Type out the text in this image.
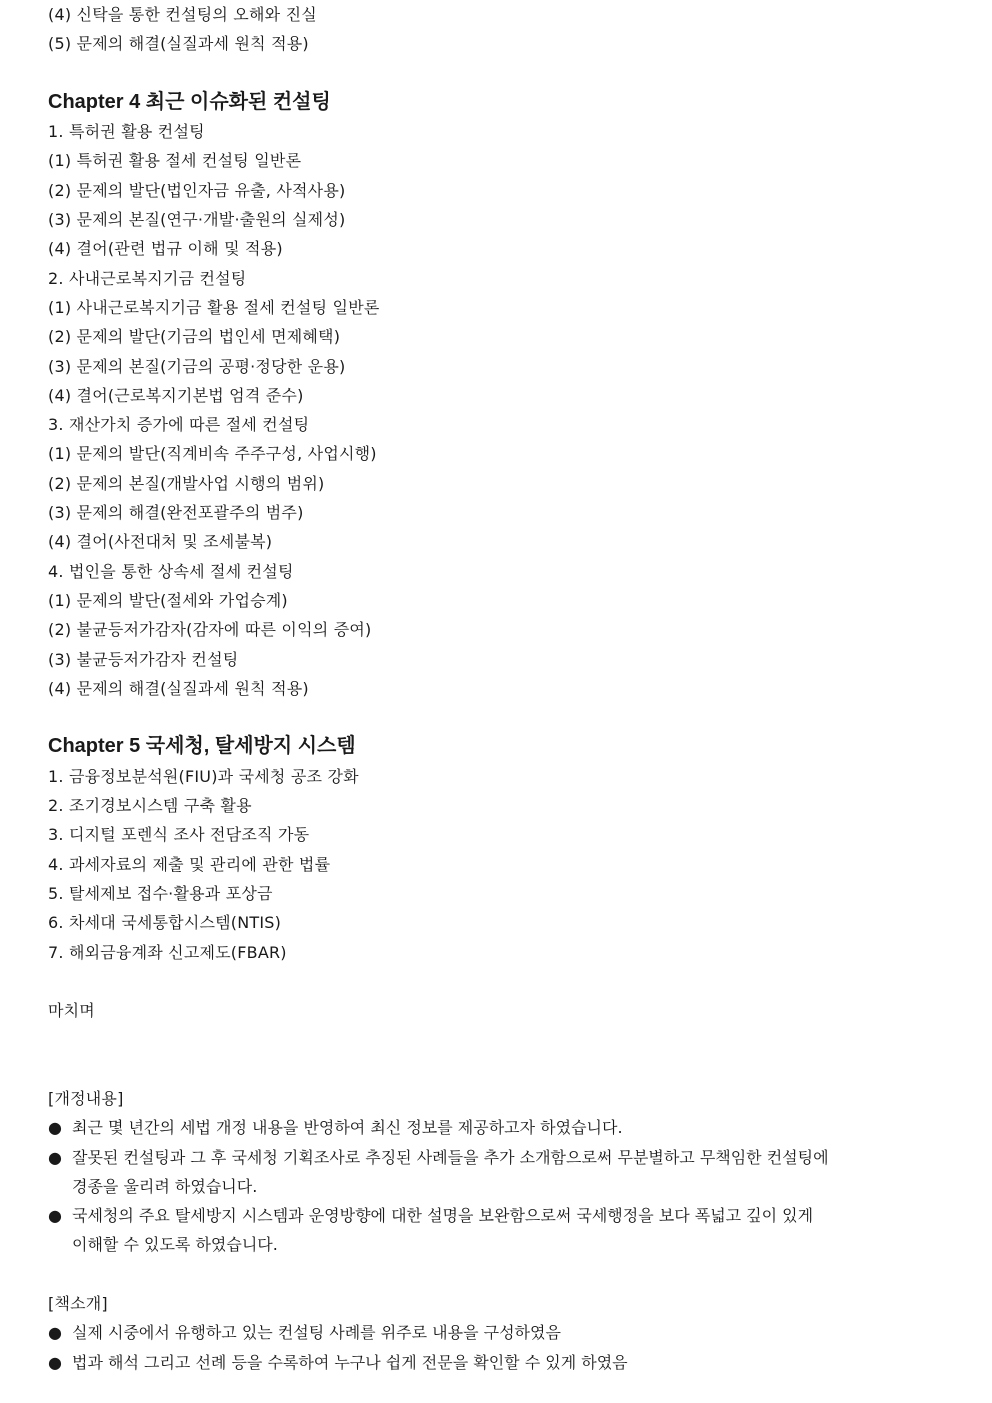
(4) 신탁을 통한 컨설팅의 오해와 진실
(5) 문제의 해결(실질과세 원칙 적용)
Chapter 4 최근 이슈화된 컨설팅
1. 특허권 활용 컨설팅
(1) 특허권 활용 절세 컨설팅 일반론
(2) 문제의 발단(법인자금 유출, 사적사용)
(3) 문제의 본질(연구·개발·출원의 실제성)
(4) 결어(관련 법규 이해 및 적용)
2. 사내근로복지기금 컨설팅
(1) 사내근로복지기금 활용 절세 컨설팅 일반론
(2) 문제의 발단(기금의 법인세 면제혜택)
(3) 문제의 본질(기금의 공평·정당한 운용)
(4) 결어(근로복지기본법 엄격 준수)
3. 재산가치 증가에 따른 절세 컨설팅
(1) 문제의 발단(직계비속 주주구성, 사업시행)
(2) 문제의 본질(개발사업 시행의 범위)
(3) 문제의 해결(완전포괄주의 범주)
(4) 결어(사전대처 및 조세불복)
4. 법인을 통한 상속세 절세 컨설팅
(1) 문제의 발단(절세와 가업승계)
(2) 불균등저가감자(감자에 따른 이익의 증여)
(3) 불균등저가감자 컨설팅
(4) 문제의 해결(실질과세 원칙 적용)
Chapter 5 국세청, 탈세방지 시스템
1. 금융정보분석원(FIU)과 국세청 공조 강화
2. 조기경보시스템 구축 활용
3. 디지털 포렌식 조사 전담조직 가동
4. 과세자료의 제출 및 관리에 관한 법률
5. 탈세제보 접수·활용과 포상금
6. 차세대 국세통합시스템(NTIS)
7. 해외금융계좌 신고제도(FBAR)
마치며
[개정내용]
● 최근 몇 년간의 세법 개정 내용을 반영하여 최신 정보를 제공하고자 하였습니다.
● 잘못된 컨설팅과 그 후 국세청 기획조사로 추징된 사례들을 추가 소개함으로써 무분별하고 무책임한 컨설팅에
경종을 울리려 하였습니다.
● 국세청의 주요 탈세방지 시스템과 운영방향에 대한 설명을 보완함으로써 국세행정을 보다 폭넓고 깊이 있게
이해할 수 있도록 하였습니다.
[책소개]
● 실제 시중에서 유행하고 있는 컨설팅 사례를 위주로 내용을 구성하였음
● 법과 해석 그리고 선례 등을 수록하여 누구나 쉽게 전문을 확인할 수 있게 하였음
